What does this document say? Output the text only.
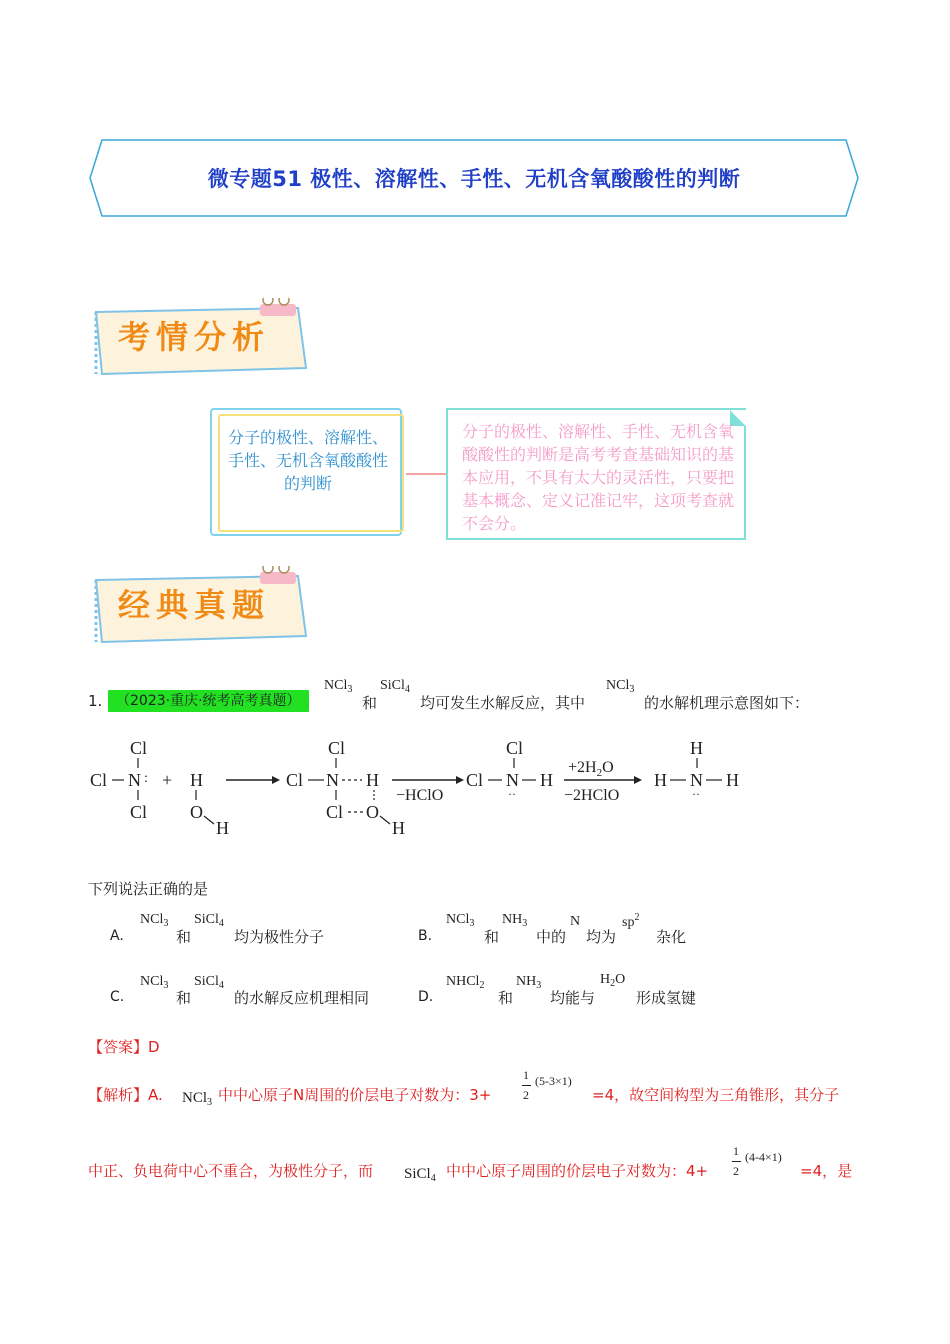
微专题51 极性、溶解性、手性、无机含氧酸酸性的判断
考情分析
分子的极性、溶解性、手性、无机含氧酸酸性的判断
分子的极性、溶解性、手性、无机含氧酸酸性的判断是高考考查基础知识的基本应用，不具有太大的灵活性，只要把基本概念、定义记准记牢，这项考查就不会分。
经典真题
1. （2023·重庆·统考高考真题）
NCl$_3$
和
SiCl$_4$
均可发生水解反应，其中
NCl$_3$
的水解机理示意图如下：
Cl
Cl N :
Cl
+ H
O
H
Cl
Cl N H
Cl O
H
−HClO
Cl
Cl N
··
H
$+2H_2O$
−2HClO
H
H N
··
H
下列说法正确的是
A.
NCl$_3$
和
SiCl$_4$
均为极性分子	B.
NCl$_3$
和
$NH_3$
中的
N
均为
$sp^2$
杂化
C.
NCl$_3$
和
SiCl$_4$
的水解反应机理相同	D.
NHCl$_2$
和
$NH_3$
均能与
$H_2O$
形成氢键
【答案】D
【解析】A. NCl$_3$ 中中心原子N周围的价层电子对数为：3+
1
2
(5-3×1)
=4，故空间构型为三角锥形，其分子
中正、负电荷中心不重合，为极性分子，而 SiCl$_4$ 中中心原子周围的价层电子对数为：4+
1
2
(4-4×1)
=4，是
